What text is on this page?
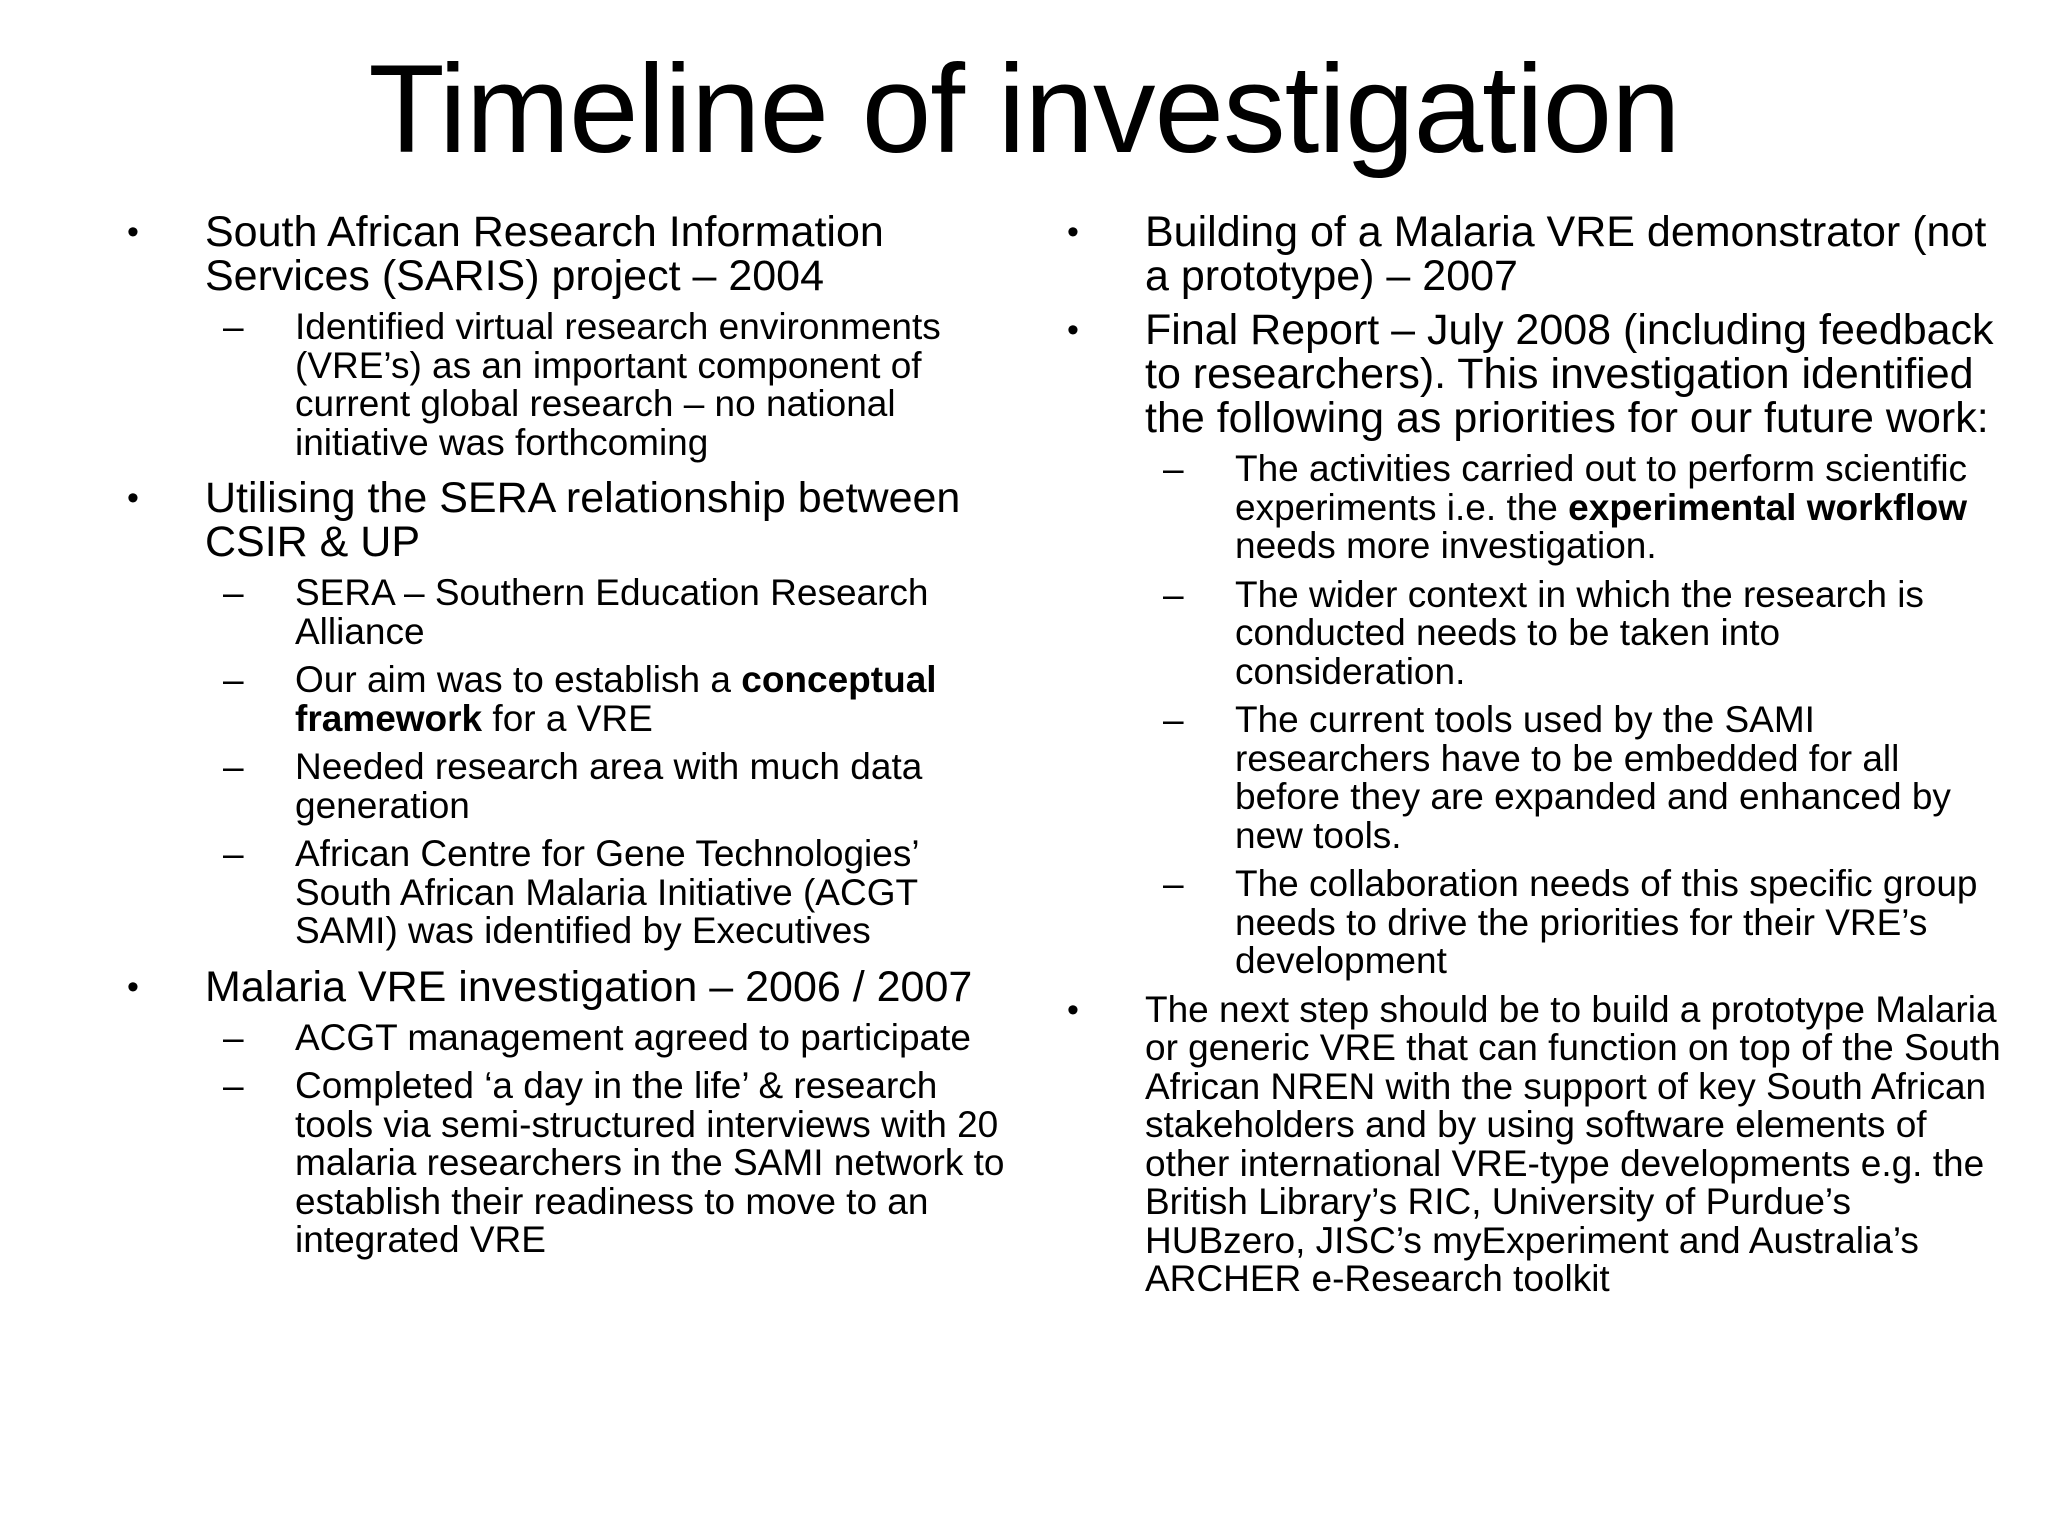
Timeline of investigation
• South African Research Information Services (SARIS) project – 2004
– Identified virtual research environments (VRE’s) as an important component of current global research – no national initiative was forthcoming
• Utilising the SERA relationship between CSIR & UP
– SERA – Southern Education Research Alliance
– Our aim was to establish a conceptual framework for a VRE
– Needed research area with much data generation
– African Centre for Gene Technologies’ South African Malaria Initiative (ACGT SAMI) was identified by Executives
• Malaria VRE investigation – 2006 / 2007
– ACGT management agreed to participate
– Completed ‘a day in the life’ & research tools via semi-structured interviews with 20 malaria researchers in the SAMI network to establish their readiness to move to an integrated VRE
• Building of a Malaria VRE demonstrator (not a prototype) – 2007
• Final Report – July 2008 (including feedback to researchers). This investigation identified the following as priorities for our future work:
– The activities carried out to perform scientific experiments i.e. the experimental workflow needs more investigation.
– The wider context in which the research is conducted needs to be taken into consideration.
– The current tools used by the SAMI researchers have to be embedded for all before they are expanded and enhanced by new tools.
– The collaboration needs of this specific group needs to drive the priorities for their VRE’s development
• The next step should be to build a prototype Malaria or generic VRE that can function on top of the South African NREN with the support of key South African stakeholders and by using software elements of other international VRE-type developments e.g. the British Library’s RIC, University of Purdue’s HUBzero, JISC’s myExperiment and Australia’s ARCHER e-Research toolkit
